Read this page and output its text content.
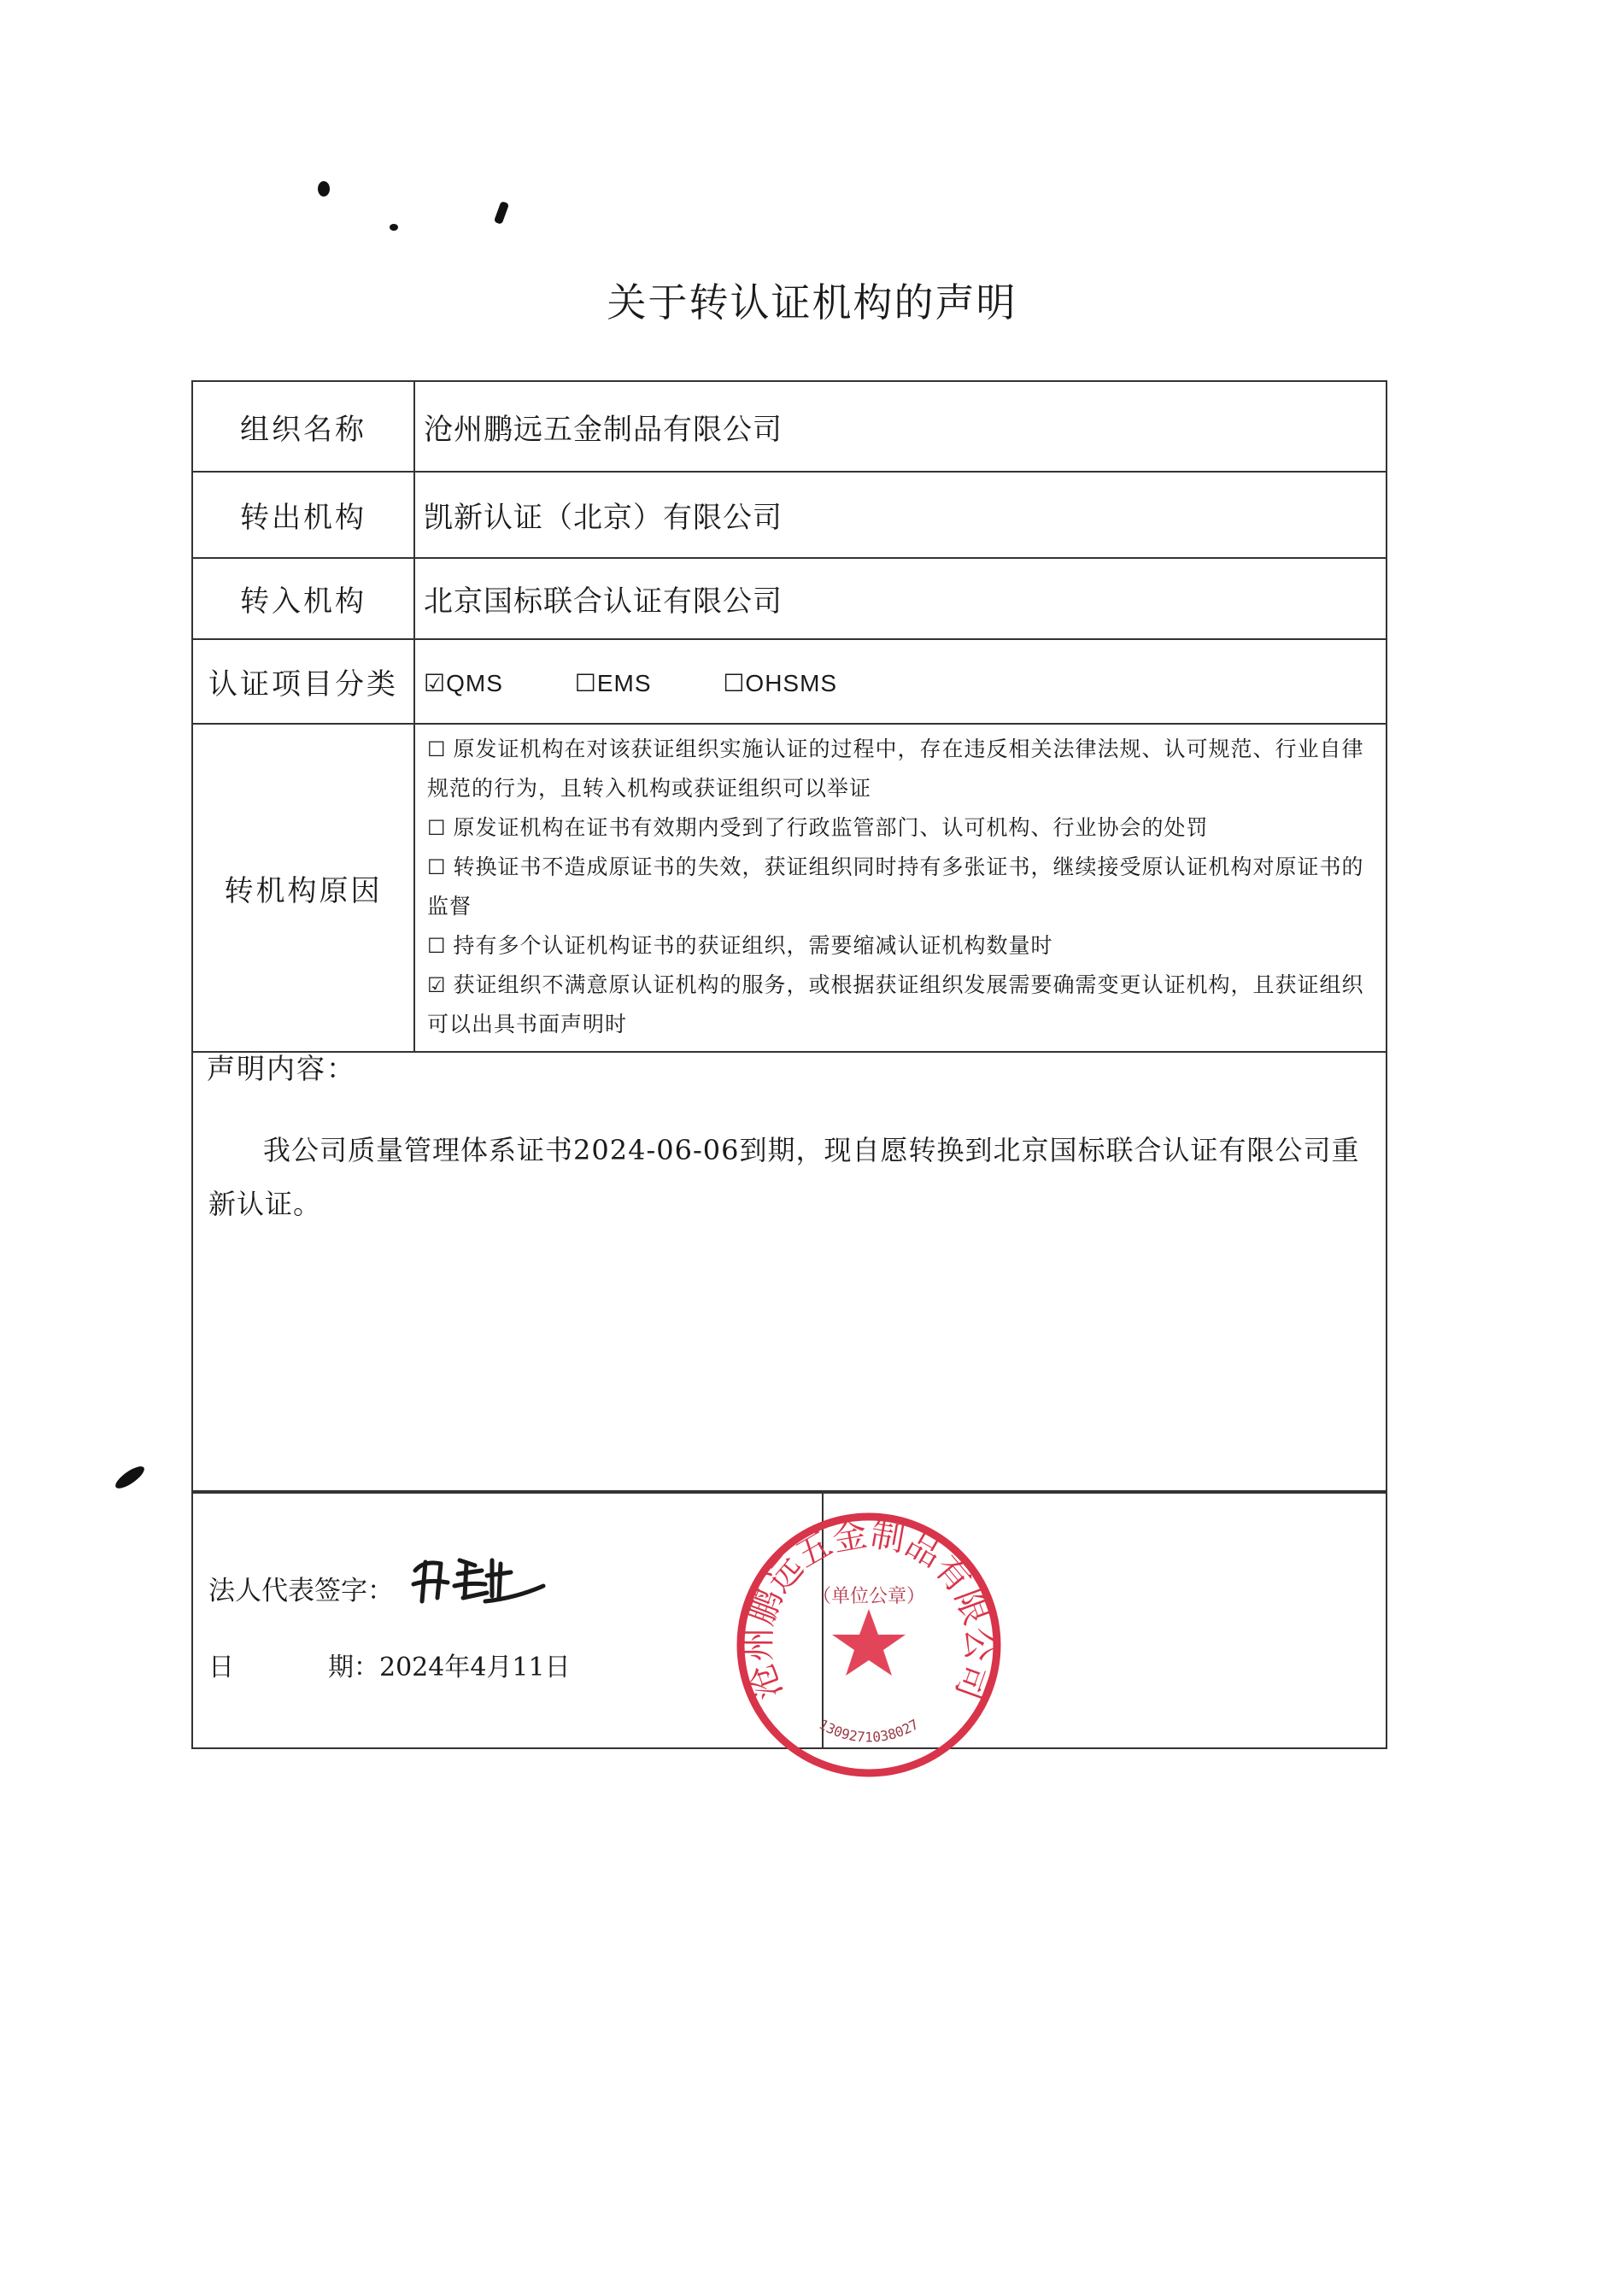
关于转认证机构的声明
组织名称	沧州鹏远五金制品有限公司
转出机构	凯新认证（北京）有限公司
转入机构	北京国标联合认证有限公司
认证项目分类	☑QMS ☐EMS ☐OHSMS
转机构原因	☐ 原发证机构在对该获证组织实施认证的过程中，存在违反相关法律法规、认可规范、行业自律规范的行为，且转入机构或获证组织可以举证
☐ 原发证机构在证书有效期内受到了行政监管部门、认可机构、行业协会的处罚
☐ 转换证书不造成原证书的失效，获证组织同时持有多张证书，继续接受原认证机构对原证书的监督
☐ 持有多个认证机构证书的获证组织，需要缩减认证机构数量时
☑ 获证组织不满意原认证机构的服务，或根据获证组织发展需要确需变更认证机构，且获证组织可以出具书面声明时
声明内容：
我公司质量管理体系证书2024-06-06到期，现自愿转换到北京国标联合认证有限公司重新认证。
法人代表签字：
日	期：2024年4月11日	沧州鹏远五金制品有限公司
（单位公章）
1309271038027
